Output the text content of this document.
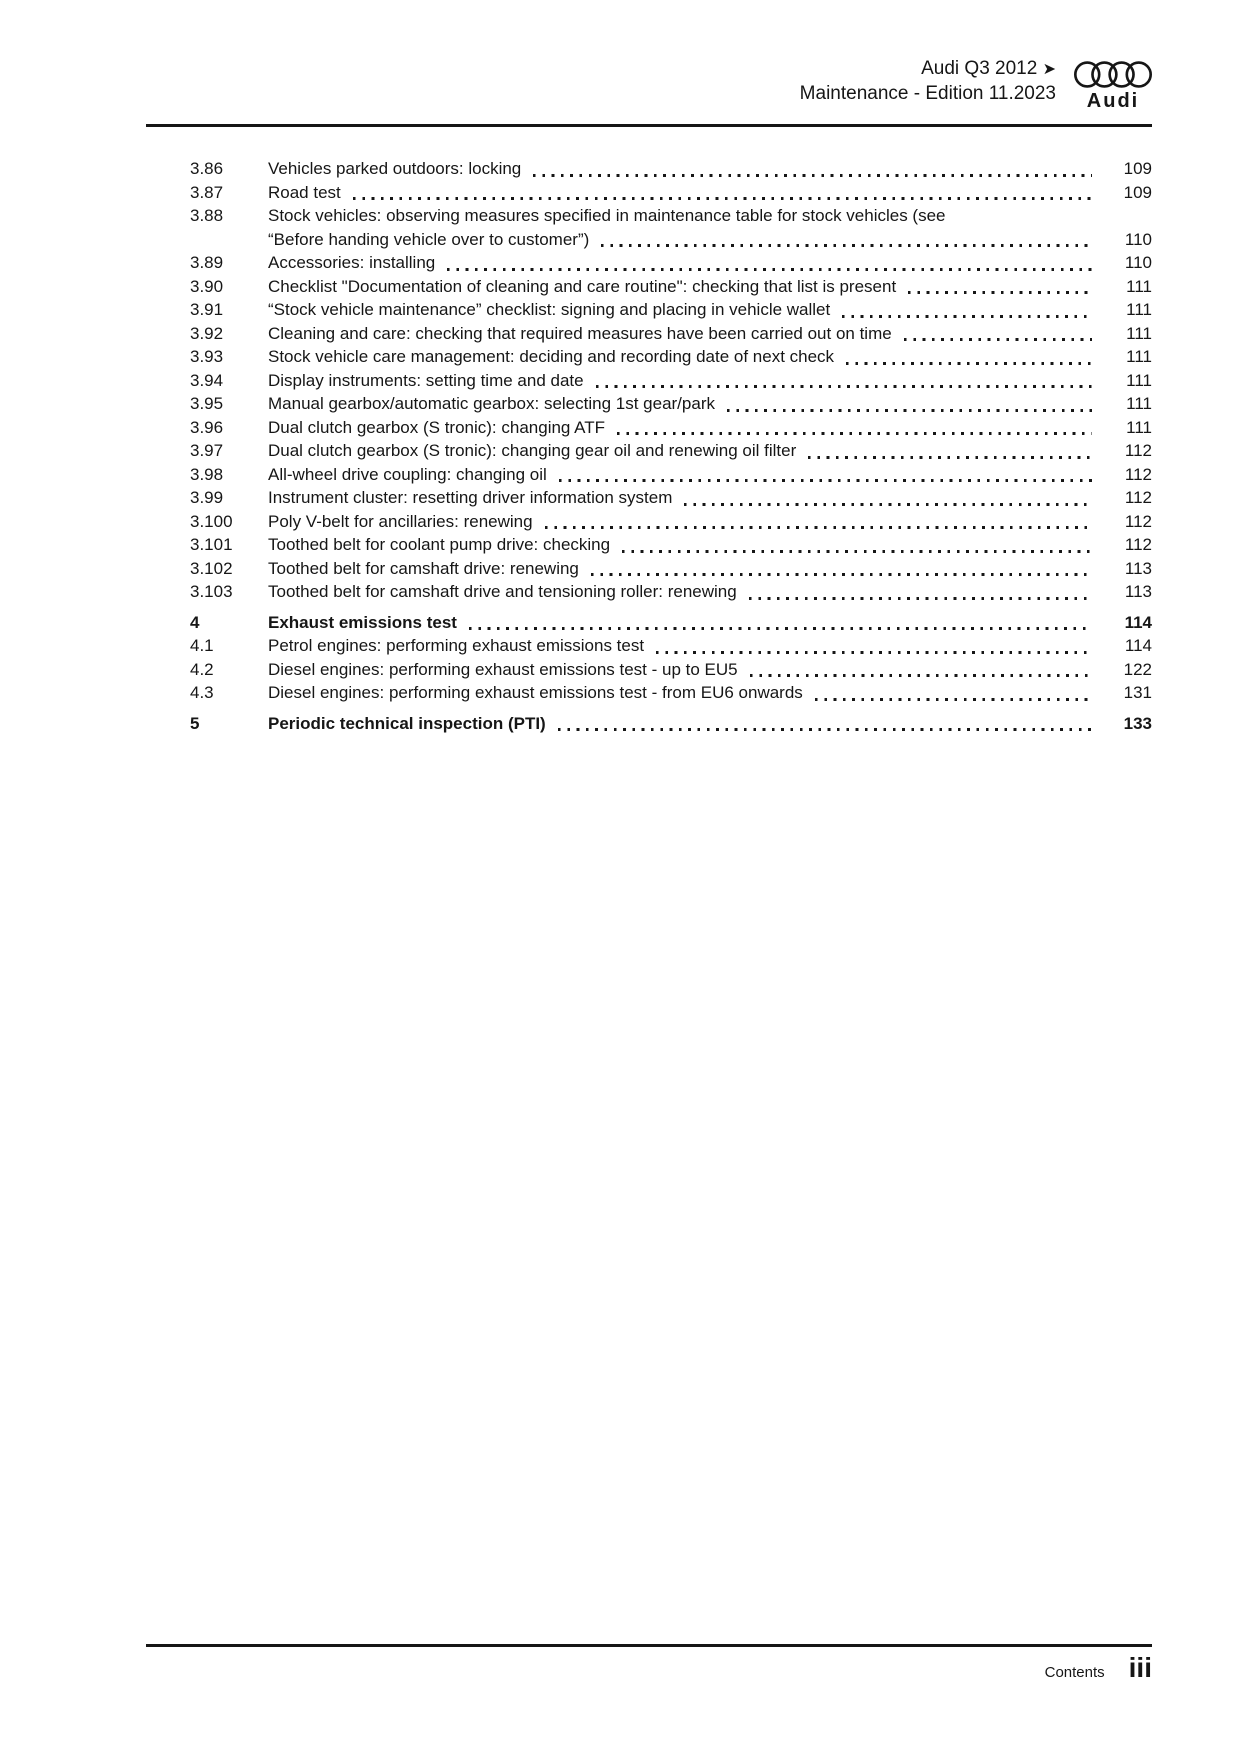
Audi Q3 2012 ➤
Maintenance - Edition 11.2023 Audi
3.86	Vehicles parked outdoors: locking	109
3.87	Road test	109
3.88	Stock vehicles: observing measures specified in maintenance table for stock vehicles (see
“Before handing vehicle over to customer”)	110
3.89	Accessories: installing	110
3.90	Checklist "Documentation of cleaning and care routine": checking that list is present	111
3.91	“Stock vehicle maintenance” checklist: signing and placing in vehicle wallet	111
3.92	Cleaning and care: checking that required measures have been carried out on time	111
3.93	Stock vehicle care management: deciding and recording date of next check	111
3.94	Display instruments: setting time and date	111
3.95	Manual gearbox/automatic gearbox: selecting 1st gear/park	111
3.96	Dual clutch gearbox (S tronic): changing ATF	111
3.97	Dual clutch gearbox (S tronic): changing gear oil and renewing oil filter	112
3.98	All-wheel drive coupling: changing oil	112
3.99	Instrument cluster: resetting driver information system	112
3.100	Poly V-belt for ancillaries: renewing	112
3.101	Toothed belt for coolant pump drive: checking	112
3.102	Toothed belt for camshaft drive: renewing	113
3.103	Toothed belt for camshaft drive and tensioning roller: renewing	113
4	Exhaust emissions test	114
4.1	Petrol engines: performing exhaust emissions test	114
4.2	Diesel engines: performing exhaust emissions test - up to EU5	122
4.3	Diesel engines: performing exhaust emissions test - from EU6 onwards	131
5	Periodic technical inspection (PTI)	133
Contents iii
